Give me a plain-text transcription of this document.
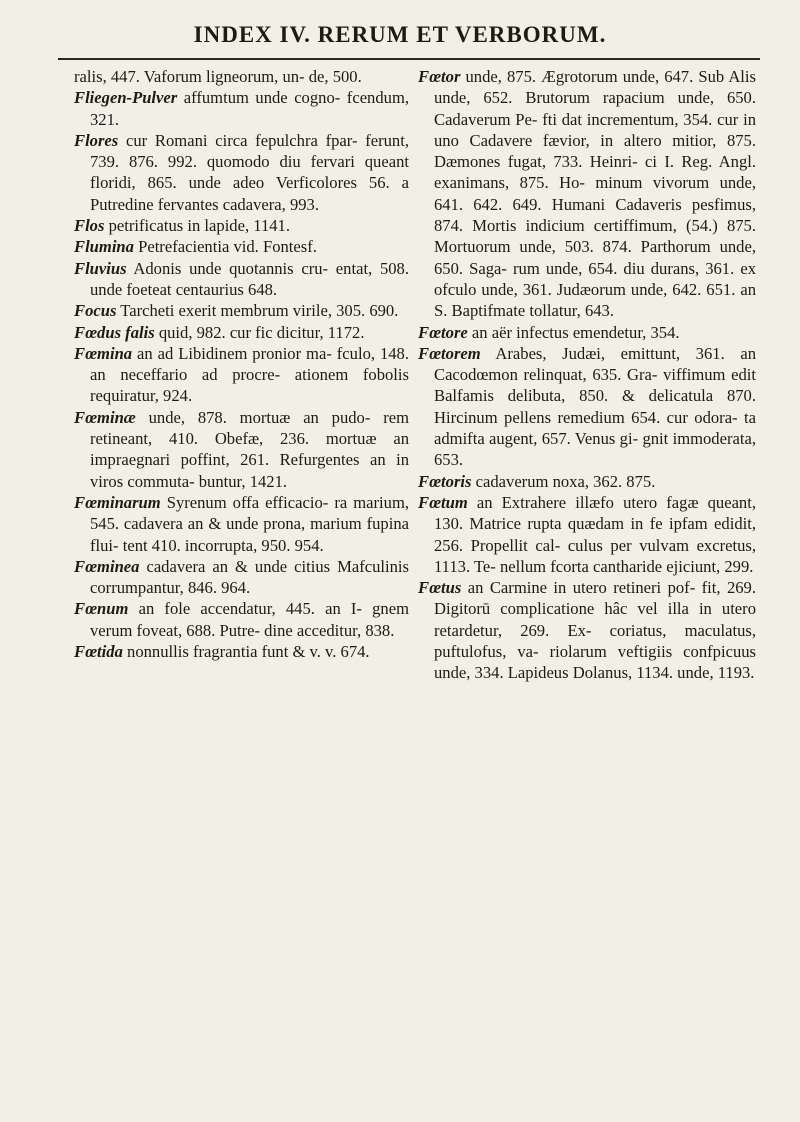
INDEX IV. RERUM ET VERBORUM.

ralis, 447. Vaforum ligneorum, un- de, 500.

Fliegen-Pulver affumtum unde cogno- fcendum, 321.

Flores cur Romani circa fepulchra fpar- ferunt, 739. 876. 992. quomodo diu fervari queant floridi, 865. unde adeo Verficolores 56. a Putredine fervantes cadavera, 993.

Flos petrificatus in lapide, 1141.

Flumina Petrefacientia vid. Fontesf.

Fluvius Adonis unde quotannis cru- entat, 508. unde foeteat centaurius 648.

Focus Tarcheti exerit membrum virile, 305. 690.

Fœdus falis quid, 982. cur fic dicitur, 1172.

Fœmina an ad Libidinem pronior ma- fculo, 148. an neceffario ad procre- ationem fobolis requiratur, 924.

Fœminæ unde, 878. mortuæ an pudo- rem retineant, 410. Obefæ, 236. mortuæ an impraegnari poffint, 261. Refurgentes an in viros commuta- buntur, 1421.

Fœminarum Syrenum offa efficacio- ra marium, 545. cadavera an & unde prona, marium fupina flui- tent 410. incorrupta, 950. 954.

Fœminea cadavera an & unde citius Mafculinis corrumpantur, 846. 964.

Fœnum an fole accendatur, 445. an I- gnem verum foveat, 688. Putre- dine acceditur, 838.

Fœtida nonnullis fragrantia funt & v. v. 674.

Fœtor unde, 875. Ægrotorum unde, 647. Sub Alis unde, 652. Brutorum rapacium unde, 650. Cadaverum Pe- fti dat incrementum, 354. cur in uno Cadavere fævior, in altero mitior, 875. Dæmones fugat, 733. Heinri- ci I. Reg. Angl. exanimans, 875. Ho- minum vivorum unde, 641. 642. 649. Humani Cadaveris pesfimus, 874. Mortis indicium certiffimum, (54.) 875. Mortuorum unde, 503. 874. Parthorum unde, 650. Saga- rum unde, 654. diu durans, 361. ex ofculo unde, 361. Judæorum unde, 642. 651. an S. Baptifmate tollatur, 643.

Fœtore an aër infectus emendetur, 354.

Fœtorem Arabes, Judæi, emittunt, 361. an Cacodœmon relinquat, 635. Gra- viffimum edit Balfamis delibuta, 850. & delicatula 870. Hircinum pellens remedium 654. cur odora- ta admifta augent, 657. Venus gi- gnit immoderata, 653.

Fœtoris cadaverum noxa, 362. 875.

Fœtum an Extrahere illæfo utero fagæ queant, 130. Matrice rupta quædam in fe ipfam edidit, 256. Propellit cal- culus per vulvam excretus, 1113. Te- nellum fcorta cantharide ejiciunt, 299.

Fœtus an Carmine in utero retineri pof- fit, 269. Digitorū complicatione hâc vel illa in utero retardetur, 269. Ex- coriatus, maculatus, puftulofus, va- riolarum veftigiis confpicuus unde, 334. Lapideus Dolanus, 1134. unde, 1193.
